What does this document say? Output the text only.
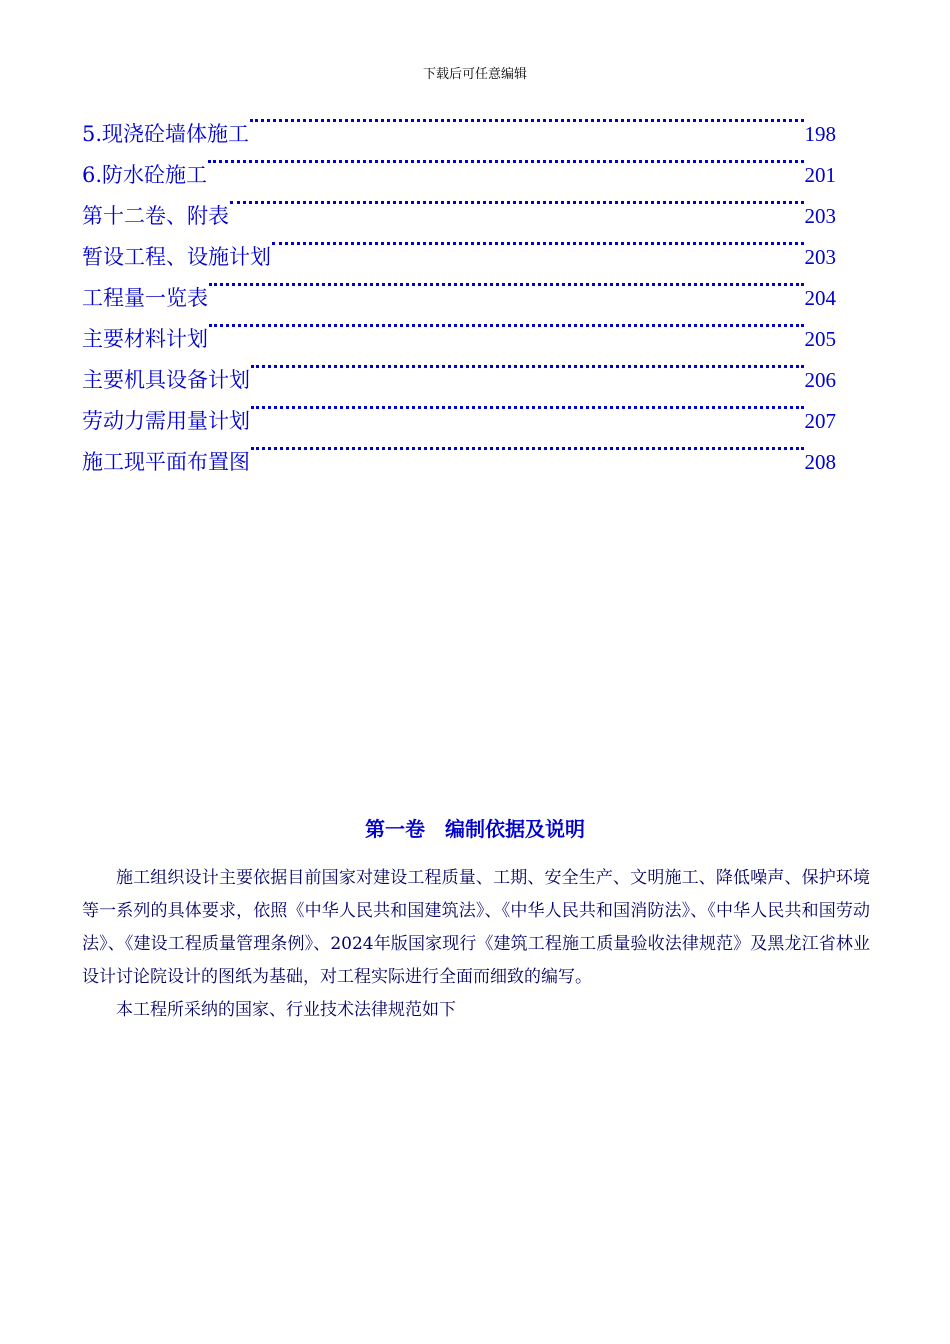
下载后可任意编辑
5.现浇砼墙体施工	198
6.防水砼施工	201
第十二卷、附表	203
暂设工程、设施计划	203
工程量一览表	204
主要材料计划	205
主要机具设备计划	206
劳动力需用量计划	207
施工现平面布置图	208
第一卷　编制依据及说明

施工组织设计主要依据目前国家对建设工程质量、工期、安全生产、文明施工、降低噪声、保护环境等一系列的具体要求，依照《中华人民共和国建筑法》、《中华人民共和国消防法》、《中华人民共和国劳动法》、《建设工程质量管理条例》、2024年版国家现行《建筑工程施工质量验收法律规范》及黑龙江省林业设计讨论院设计的图纸为基础，对工程实际进行全面而细致的编写。

本工程所采纳的国家、行业技术法律规范如下
